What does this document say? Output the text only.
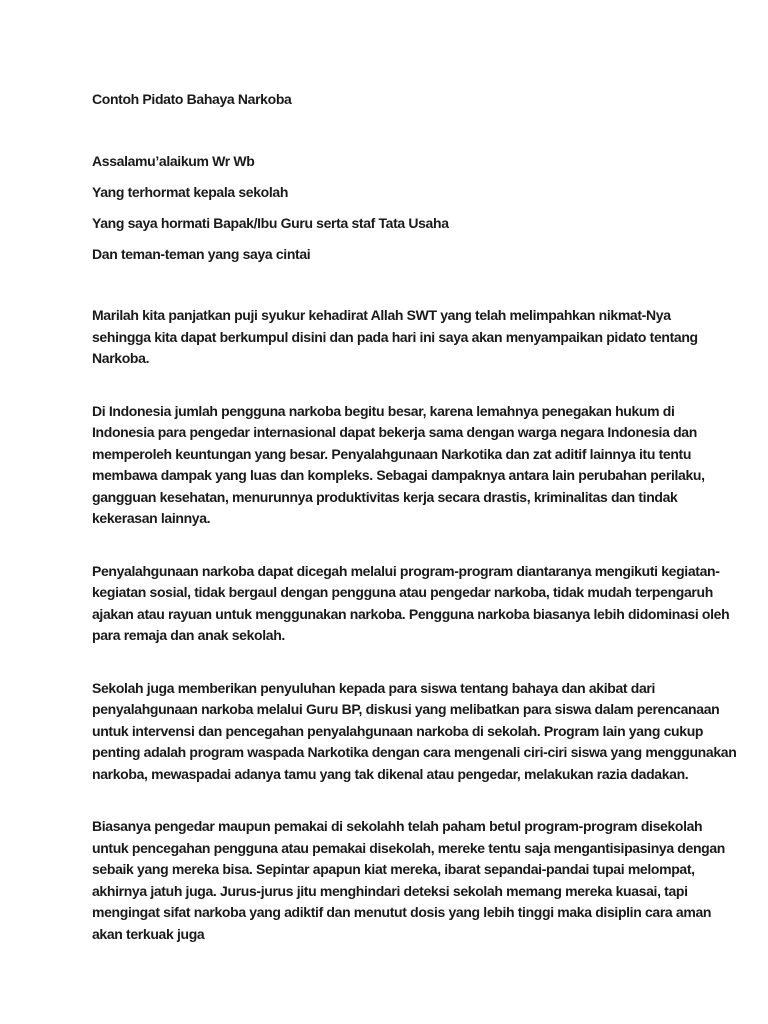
Contoh Pidato Bahaya Narkoba

Assalamu’alaikum Wr Wb

Yang terhormat kepala sekolah

Yang saya hormati Bapak/Ibu Guru serta staf Tata Usaha

Dan teman-teman yang saya cintai

Marilah kita panjatkan puji syukur kehadirat Allah SWT yang telah melimpahkan nikmat-Nya

sehingga kita dapat berkumpul disini dan pada hari ini saya akan menyampaikan pidato tentang

Narkoba.

Di Indonesia jumlah pengguna narkoba begitu besar, karena lemahnya penegakan hukum di

Indonesia para pengedar internasional dapat bekerja sama dengan warga negara Indonesia dan

memperoleh keuntungan yang besar. Penyalahgunaan Narkotika dan zat aditif lainnya itu tentu

membawa dampak yang luas dan kompleks. Sebagai dampaknya antara lain perubahan perilaku,

gangguan kesehatan, menurunnya produktivitas kerja secara drastis, kriminalitas dan tindak

kekerasan lainnya.

Penyalahgunaan narkoba dapat dicegah melalui program-program diantaranya mengikuti kegiatan-

kegiatan sosial, tidak bergaul dengan pengguna atau pengedar narkoba, tidak mudah terpengaruh

ajakan atau rayuan untuk menggunakan narkoba. Pengguna narkoba biasanya lebih didominasi oleh

para remaja dan anak sekolah.

Sekolah juga memberikan penyuluhan kepada para siswa tentang bahaya dan akibat dari

penyalahgunaan narkoba melalui Guru BP, diskusi yang melibatkan para siswa dalam perencanaan

untuk intervensi dan pencegahan penyalahgunaan narkoba di sekolah. Program lain yang cukup

penting adalah program waspada Narkotika dengan cara mengenali ciri-ciri siswa yang menggunakan

narkoba, mewaspadai adanya tamu yang tak dikenal atau pengedar, melakukan razia dadakan.

Biasanya pengedar maupun pemakai di sekolahh telah paham betul program-program disekolah

untuk pencegahan pengguna atau pemakai disekolah, mereke tentu saja mengantisipasinya dengan

sebaik yang mereka bisa. Sepintar apapun kiat mereka, ibarat sepandai-pandai tupai melompat,

akhirnya jatuh juga. Jurus-jurus jitu menghindari deteksi sekolah memang mereka kuasai, tapi

mengingat sifat narkoba yang adiktif dan menutut dosis yang lebih tinggi maka disiplin cara aman

akan terkuak juga
